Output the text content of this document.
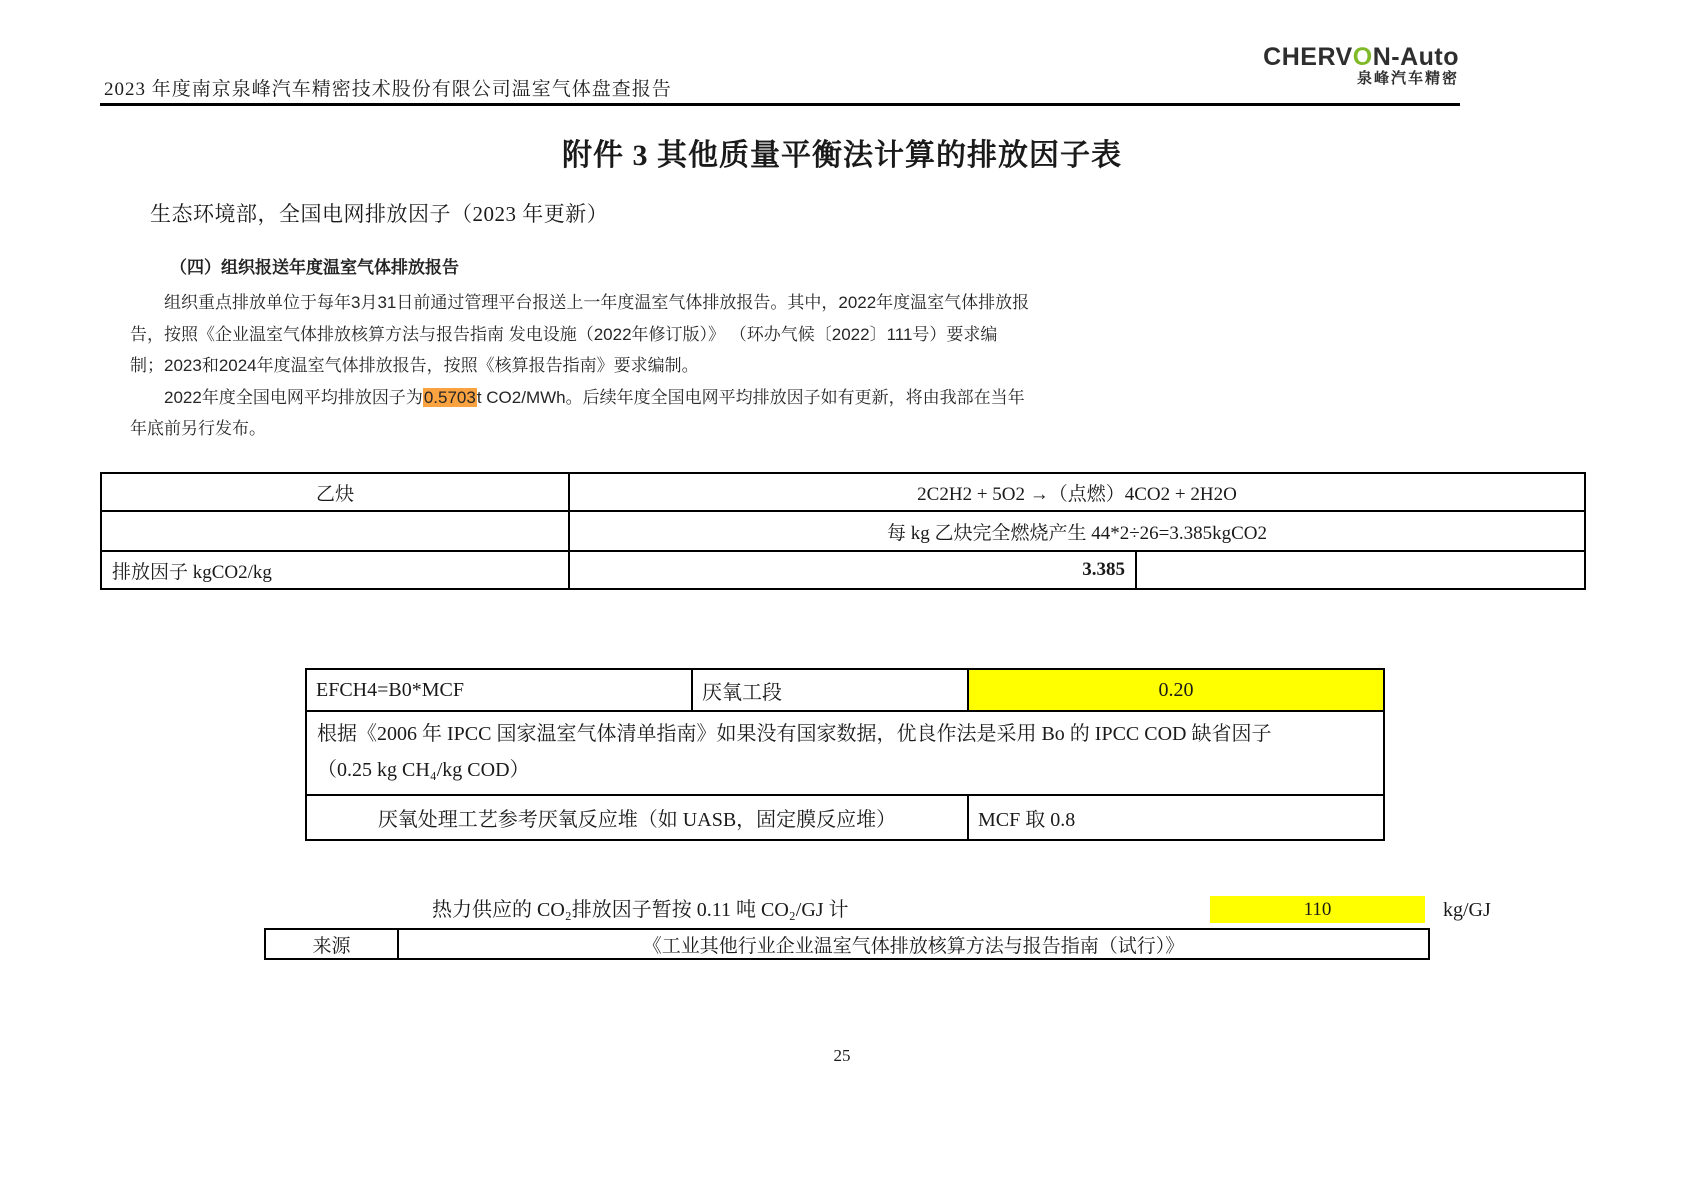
2023 年度南京泉峰汽车精密技术股份有限公司温室气体盘查报告
CHERVON-Auto
泉峰汽车精密
附件 3 其他质量平衡法计算的排放因子表
生态环境部，全国电网排放因子（2023 年更新）
（四）组织报送年度温室气体排放报告
组织重点排放单位于每年3月31日前通过管理平台报送上一年度温室气体排放报告。其中，2022年度温室气体排放报
告，按照《企业温室气体排放核算方法与报告指南 发电设施（2022年修订版）》 （环办气候〔2022〕111号）要求编
制；2023和2024年度温室气体排放报告，按照《核算报告指南》要求编制。
2022年度全国电网平均排放因子为0.5703t CO2/MWh。后续年度全国电网平均排放因子如有更新，将由我部在当年
年底前另行发布。
乙炔	2C2H2 + 5O2 →（点燃）4CO2 + 2H2O	
	每 kg 乙炔完全燃烧产生 44*2÷26=3.385kgCO2	
排放因子 kgCO2/kg	3.385	
EFCH4=B0*MCF	厌氧工段	0.20

根据《2006 年 IPCC 国家温室气体清单指南》如果没有国家数据，优良作法是采用 Bo 的 IPCC COD 缺省因子
（0.25 kg CH₄/kg COD）		

厌氧处理工艺参考厌氧反应堆（如 UASB，固定膜反应堆）		MCF 取 0.8
热力供应的 CO₂排放因子暂按 0.11 吨 CO₂/GJ 计	110	kg/GJ
来源	《工业其他行业企业温室气体排放核算方法与报告指南（试行）》
25
